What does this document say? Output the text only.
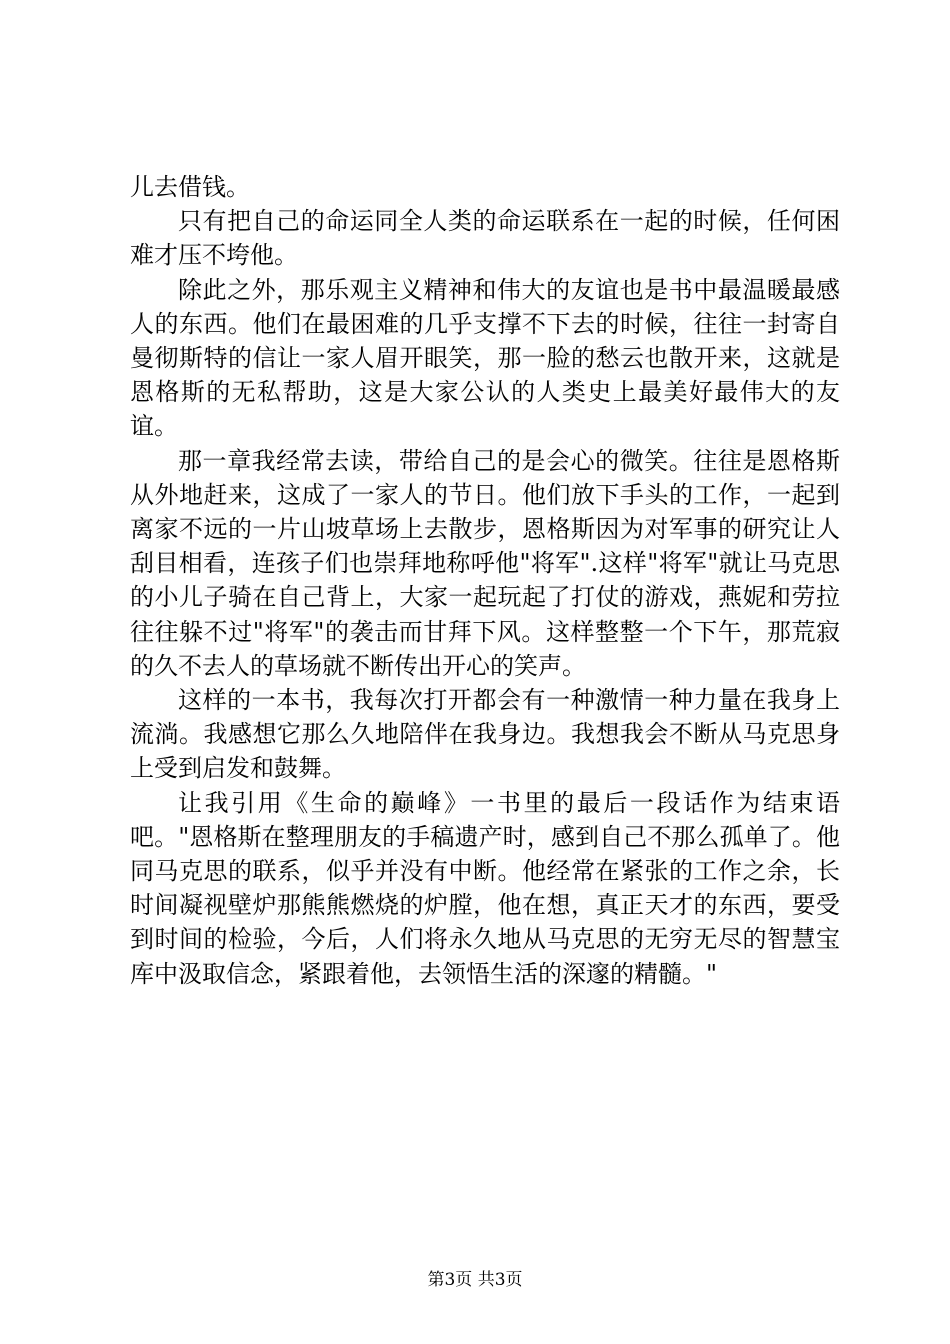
儿去借钱。

只有把自己的命运同全人类的命运联系在一起的时候，任何困难才压不垮他。

除此之外，那乐观主义精神和伟大的友谊也是书中最温暖最感人的东西。他们在最困难的几乎支撑不下去的时候，往往一封寄自曼彻斯特的信让一家人眉开眼笑，那一脸的愁云也散开来，这就是恩格斯的无私帮助，这是大家公认的人类史上最美好最伟大的友谊。

那一章我经常去读，带给自己的是会心的微笑。往往是恩格斯从外地赶来，这成了一家人的节日。他们放下手头的工作，一起到离家不远的一片山坡草场上去散步，恩格斯因为对军事的研究让人刮目相看，连孩子们也崇拜地称呼他"将军".这样"将军"就让马克思的小儿子骑在自己背上，大家一起玩起了打仗的游戏，燕妮和劳拉往往躲不过"将军"的袭击而甘拜下风。这样整整一个下午，那荒寂的久不去人的草场就不断传出开心的笑声。

这样的一本书，我每次打开都会有一种激情一种力量在我身上流淌。我感想它那么久地陪伴在我身边。我想我会不断从马克思身上受到启发和鼓舞。

让我引用《生命的巅峰》一书里的最后一段话作为结束语吧。"恩格斯在整理朋友的手稿遗产时，感到自己不那么孤单了。他同马克思的联系，似乎并没有中断。他经常在紧张的工作之余，长时间凝视壁炉那熊熊燃烧的炉膛，他在想，真正天才的东西，要受到时间的检验，今后，人们将永久地从马克思的无穷无尽的智慧宝库中汲取信念，紧跟着他，去领悟生活的深邃的精髓。"

第3页 共3页
